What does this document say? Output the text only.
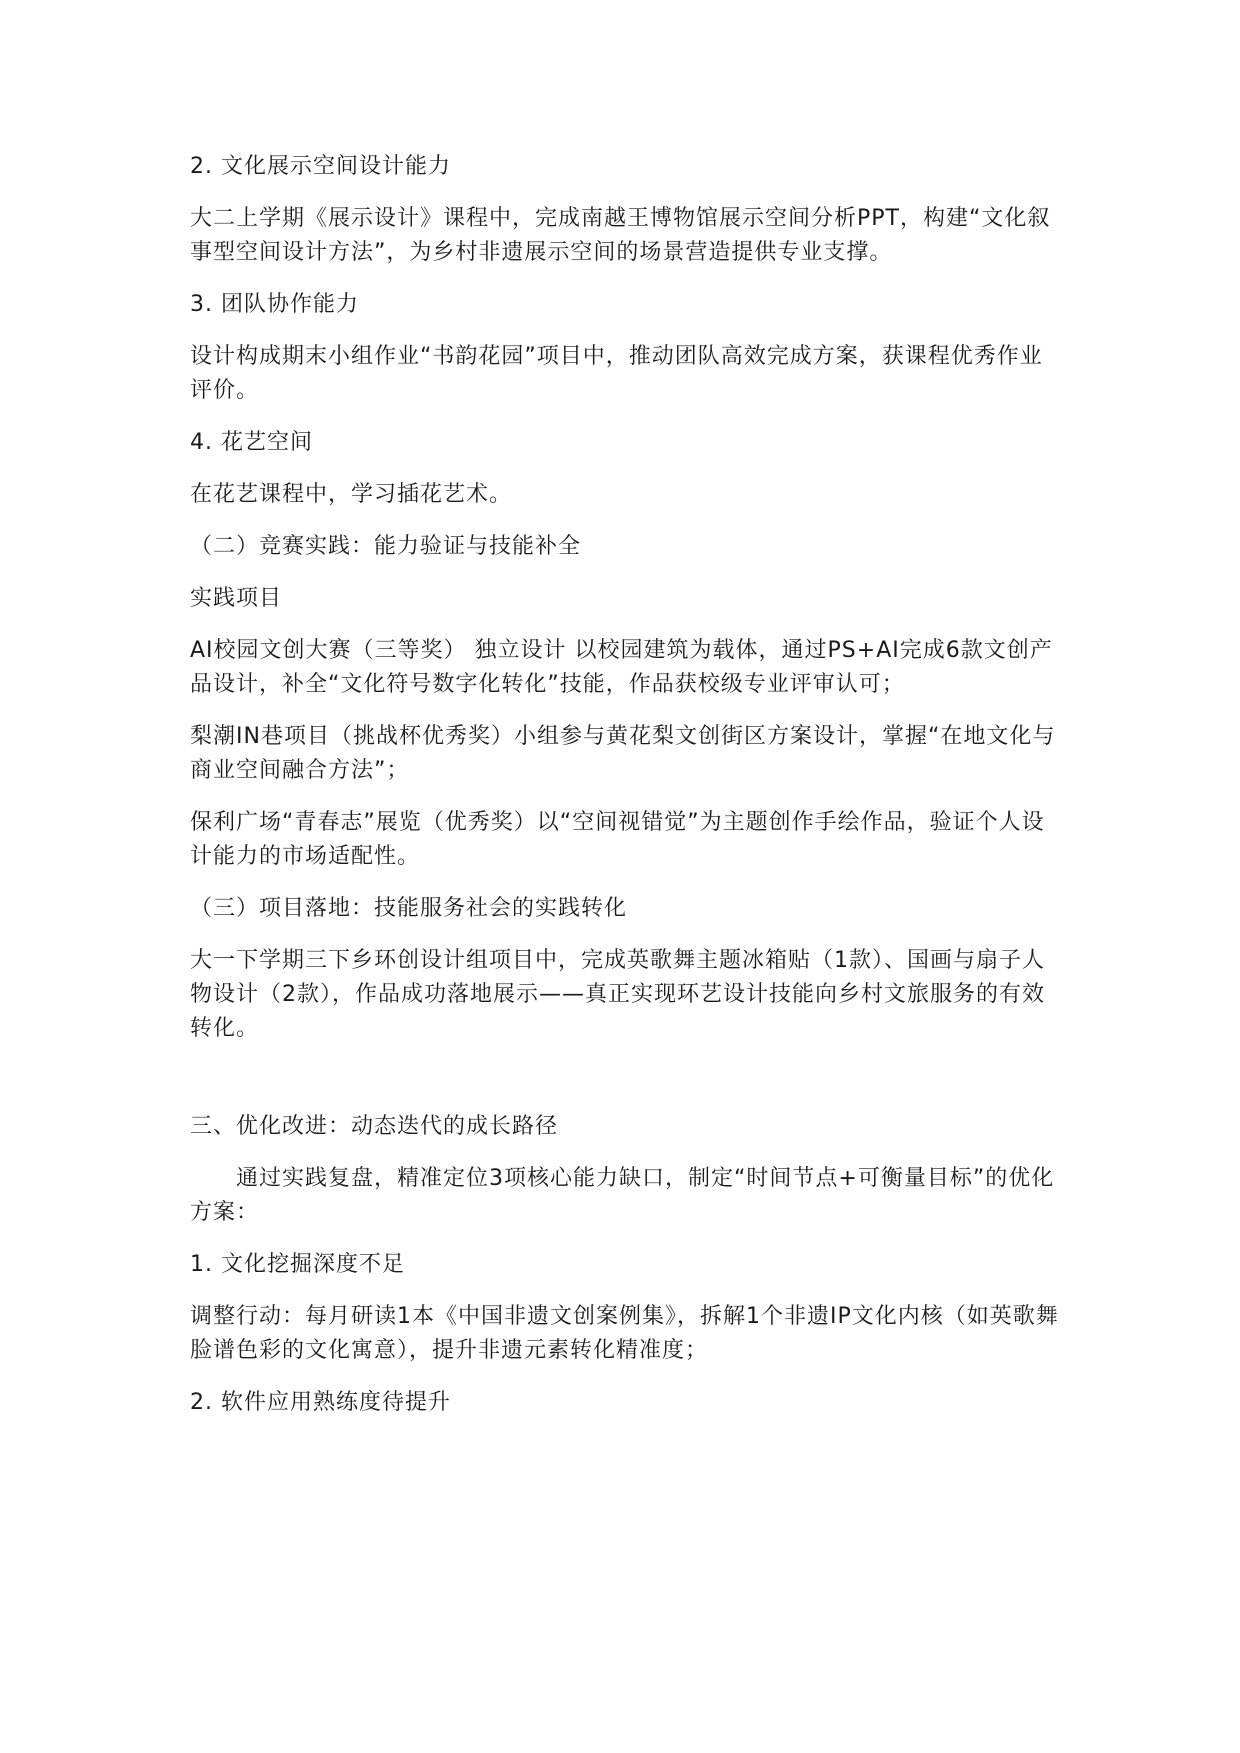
2. 文化展示空间设计能力

大二上学期《展示设计》课程中，完成南越王博物馆展示空间分析PPT，构建“文化叙事型空间设计方法”，为乡村非遗展示空间的场景营造提供专业支撑。

3. 团队协作能力

设计构成期末小组作业“书韵花园”项目中，推动团队高效完成方案，获课程优秀作业评价。

4. 花艺空间

在花艺课程中，学习插花艺术。

（二）竞赛实践：能力验证与技能补全

实践项目

AI校园文创大赛（三等奖） 独立设计 以校园建筑为载体，通过PS+AI完成6款文创产品设计，补全“文化符号数字化转化”技能，作品获校级专业评审认可；

梨潮IN巷项目（挑战杯优秀奖）小组参与黄花梨文创街区方案设计，掌握“在地文化与商业空间融合方法”；

保利广场“青春志”展览（优秀奖）以“空间视错觉”为主题创作手绘作品，验证个人设计能力的市场适配性。

（三）项目落地：技能服务社会的实践转化

大一下学期三下乡环创设计组项目中，完成英歌舞主题冰箱贴（1款）、国画与扇子人物设计（2款），作品成功落地展示——真正实现环艺设计技能向乡村文旅服务的有效转化。

三、优化改进：动态迭代的成长路径

通过实践复盘，精准定位3项核心能力缺口，制定“时间节点+可衡量目标”的优化方案：

1. 文化挖掘深度不足

调整行动：每月研读1本《中国非遗文创案例集》，拆解1个非遗IP文化内核（如英歌舞脸谱色彩的文化寓意），提升非遗元素转化精准度；

2. 软件应用熟练度待提升
